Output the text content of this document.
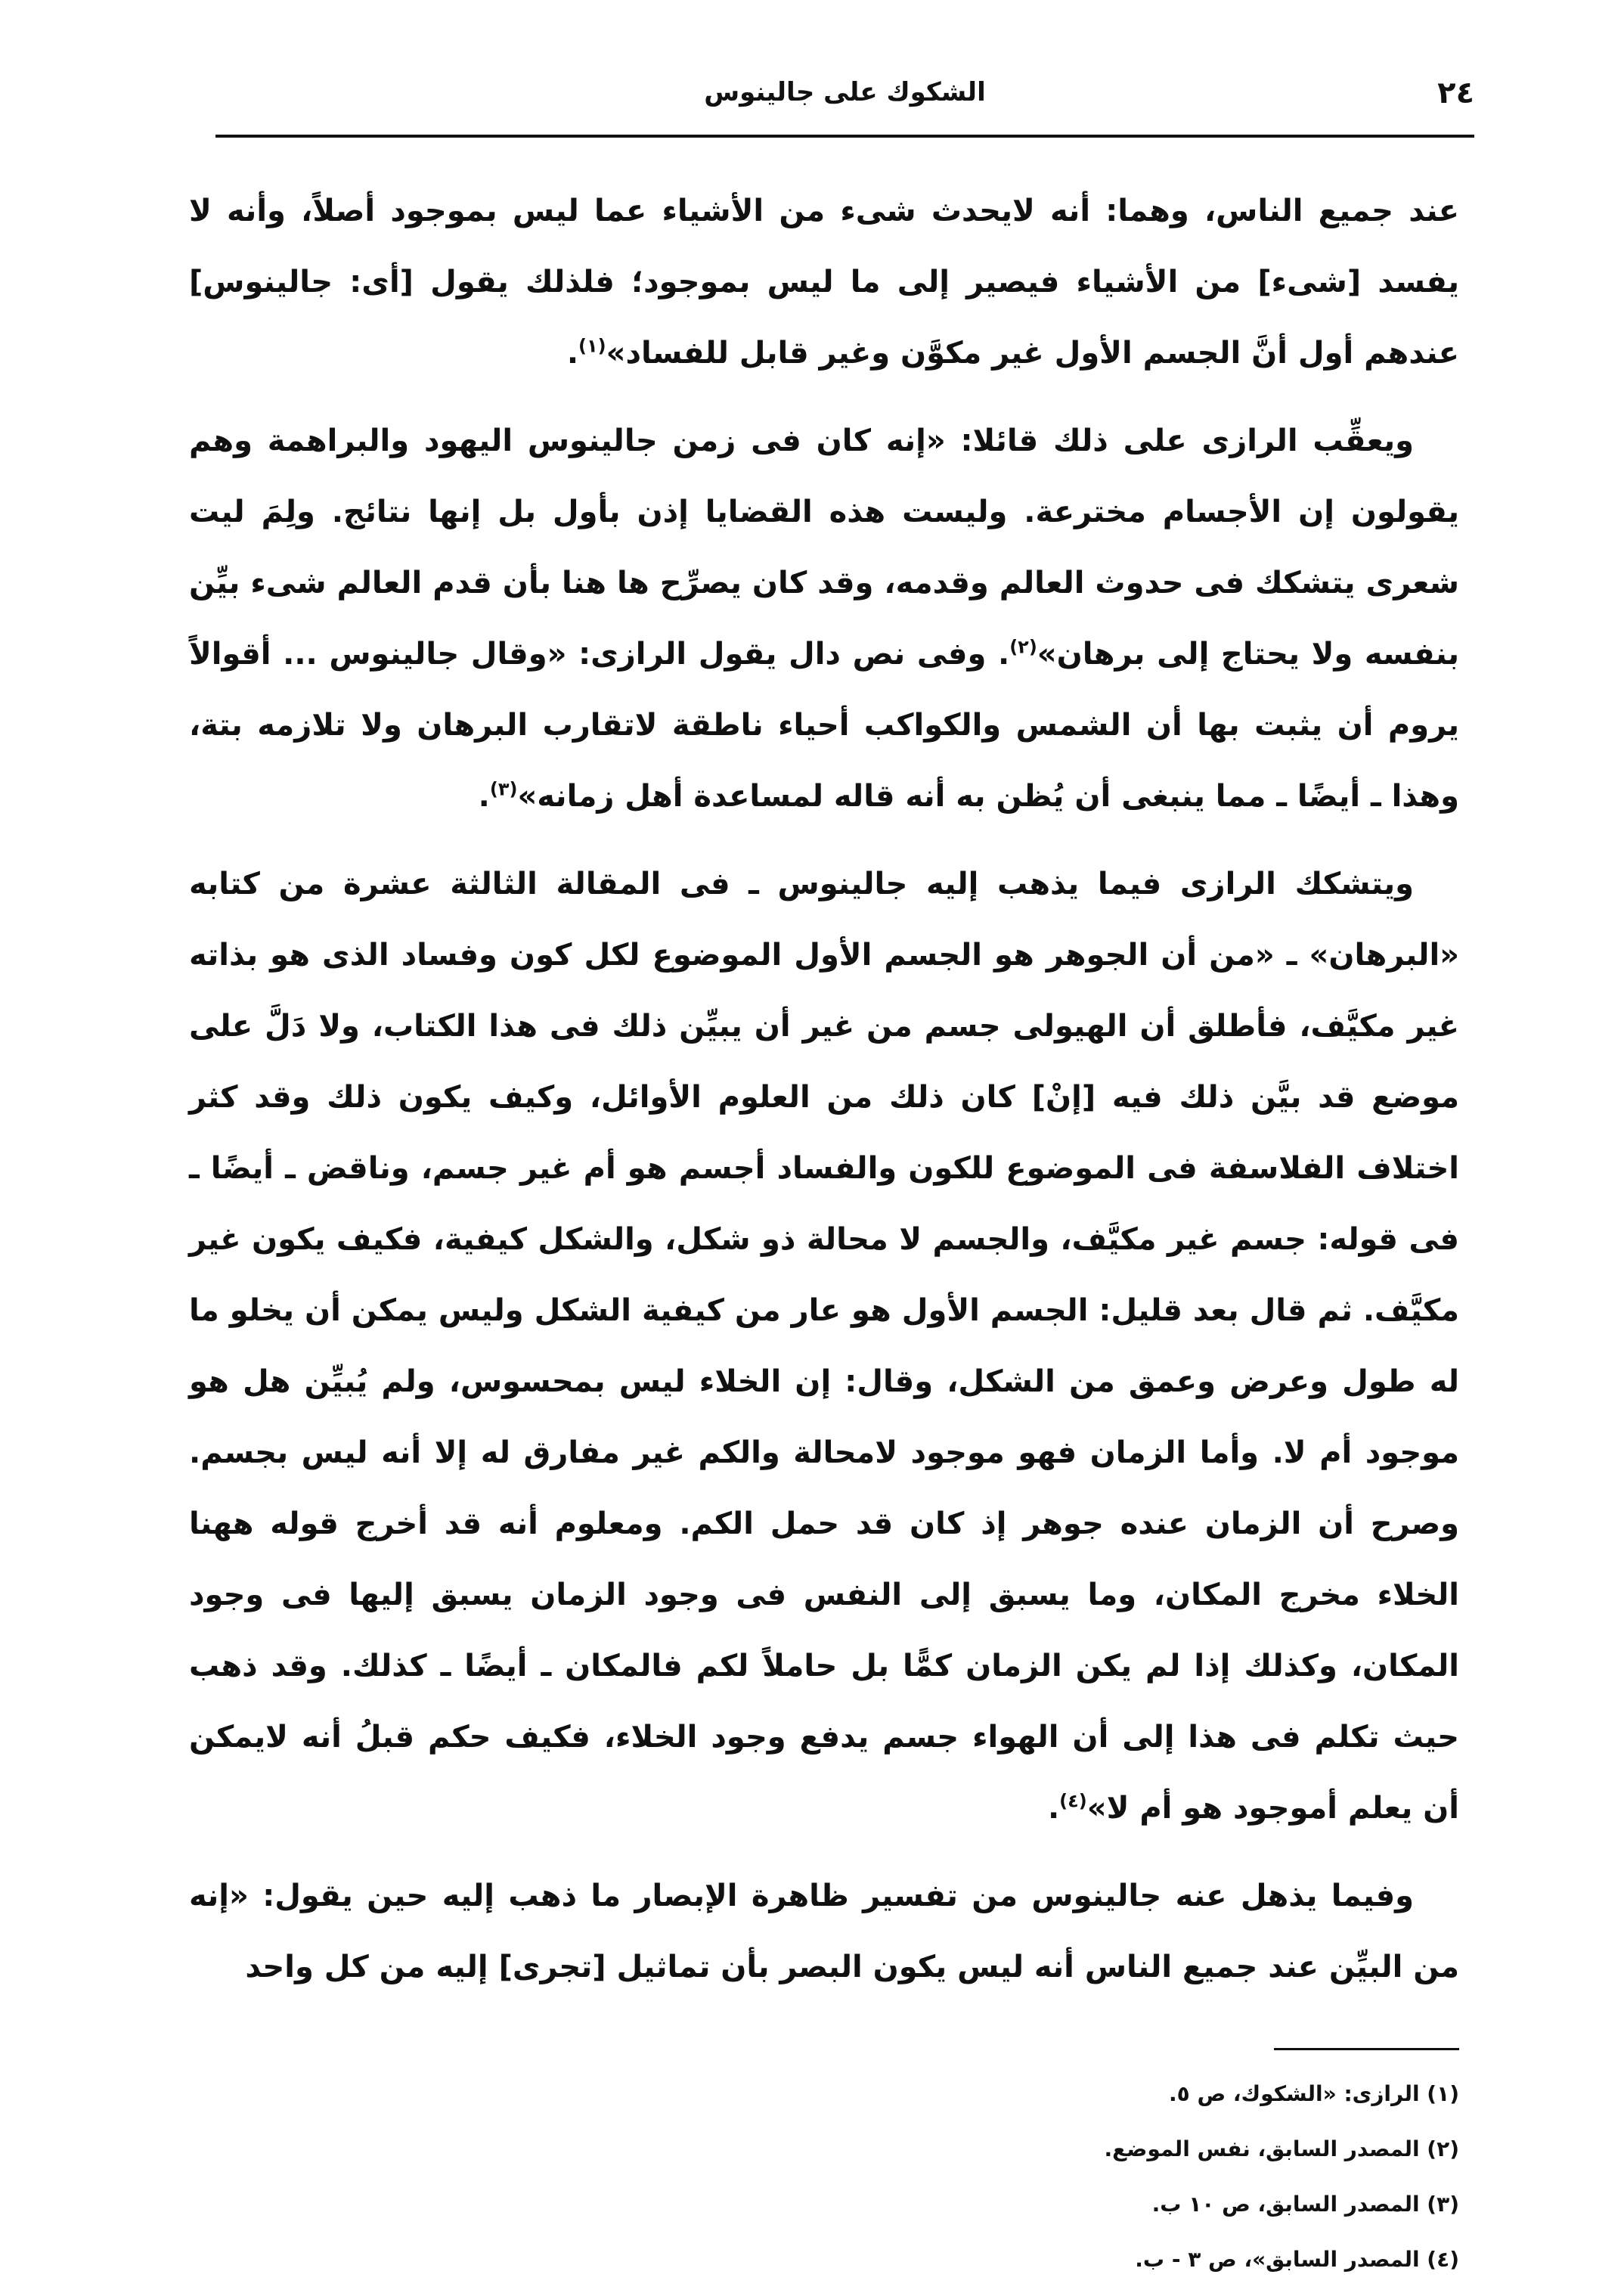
٢٤
الشكوك على جالينوس

عند جميع الناس، وهما: أنه لايحدث شىء من الأشياء عما ليس بموجود أصلاً، وأنه لا يفسد [شىء] من الأشياء فيصير إلى ما ليس بموجود؛ فلذلك يقول [أى: جالينوس] عندهم أول أنَّ الجسم الأول غير مكوَّن وغير قابل للفساد»$^{(١)}$.

ويعقِّب الرازى على ذلك قائلا: «إنه كان فى زمن جالينوس اليهود والبراهمة وهم يقولون إن الأجسام مخترعة. وليست هذه القضايا إذن بأول بل إنها نتائج. ولِمَ ليت شعرى يتشكك فى حدوث العالم وقدمه، وقد كان يصرِّح ها هنا بأن قدم العالم شىء بيِّن بنفسه ولا يحتاج إلى برهان»$^{(٢)}$. وفى نص دال يقول الرازى: «وقال جالينوس ... أقوالاً يروم أن يثبت بها أن الشمس والكواكب أحياء ناطقة لاتقارب البرهان ولا تلازمه بتة، وهذا ـ أيضًا ـ مما ينبغى أن يُظن به أنه قاله لمساعدة أهل زمانه»$^{(٣)}$.

ويتشكك الرازى فيما يذهب إليه جالينوس ـ فى المقالة الثالثة عشرة من كتابه «البرهان» ـ «من أن الجوهر هو الجسم الأول الموضوع لكل كون وفساد الذى هو بذاته غير مكيَّف، فأطلق أن الهيولى جسم من غير أن يبيِّن ذلك فى هذا الكتاب، ولا دَلَّ على موضع قد بيَّن ذلك فيه [إنْ] كان ذلك من العلوم الأوائل، وكيف يكون ذلك وقد كثر اختلاف الفلاسفة فى الموضوع للكون والفساد أجسم هو أم غير جسم، وناقض ـ أيضًا ـ فى قوله: جسم غير مكيَّف، والجسم لا محالة ذو شكل، والشكل كيفية، فكيف يكون غير مكيَّف. ثم قال بعد قليل: الجسم الأول هو عار من كيفية الشكل وليس يمكن أن يخلو ما له طول وعرض وعمق من الشكل، وقال: إن الخلاء ليس بمحسوس، ولم يُبيِّن هل هو موجود أم لا. وأما الزمان فهو موجود لامحالة والكم غير مفارق له إلا أنه ليس بجسم. وصرح أن الزمان عنده جوهر إذ كان قد حمل الكم. ومعلوم أنه قد أخرج قوله ههنا الخلاء مخرج المكان، وما يسبق إلى النفس فى وجود الزمان يسبق إليها فى وجود المكان، وكذلك إذا لم يكن الزمان كمًّا بل حاملاً لكم فالمكان ـ أيضًا ـ كذلك. وقد ذهب حيث تكلم فى هذا إلى أن الهواء جسم يدفع وجود الخلاء، فكيف حكم قبلُ أنه لايمكن أن يعلم أموجود هو أم لا»$^{(٤)}$.

وفيما يذهل عنه جالينوس من تفسير ظاهرة الإبصار ما ذهب إليه حين يقول: «إنه من البيِّن عند جميع الناس أنه ليس يكون البصر بأن تماثيل [تجرى] إليه من كل واحد

(١) الرازى: «الشكوك، ص ٥.

(٢) المصدر السابق، نفس الموضع.

(٣) المصدر السابق، ص ١٠ ب.

(٤) المصدر السابق»، ص ٣ - ب.
